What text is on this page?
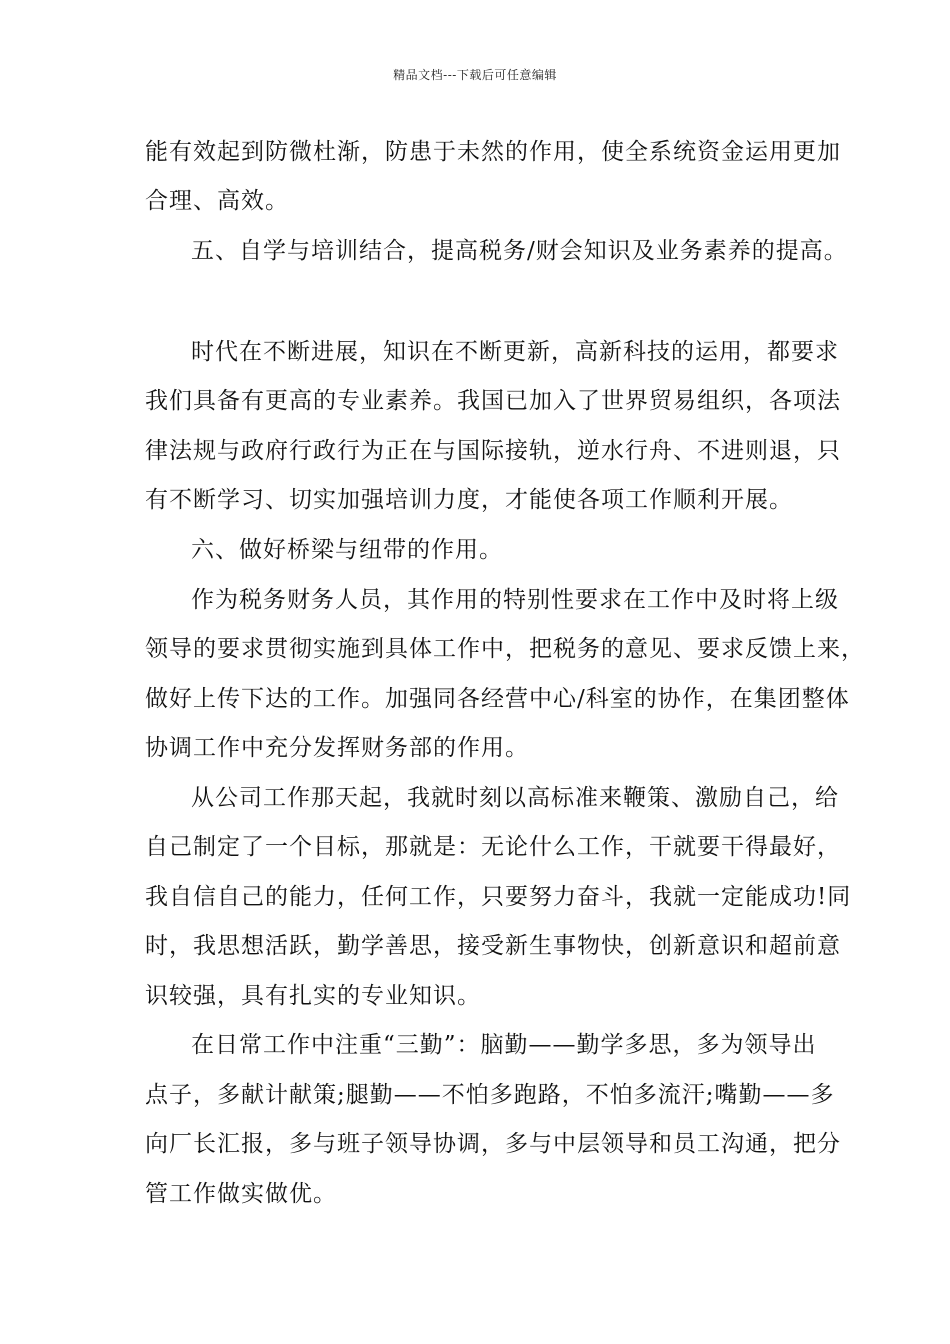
精品文档---下载后可任意编辑
能有效起到防微杜渐，防患于未然的作用，使全系统资金运用更加
合理、高效。
五、自学与培训结合，提高税务/财会知识及业务素养的提高。
时代在不断进展，知识在不断更新，高新科技的运用，都要求
我们具备有更高的专业素养。我国已加入了世界贸易组织，各项法
律法规与政府行政行为正在与国际接轨，逆水行舟、不进则退，只
有不断学习、切实加强培训力度，才能使各项工作顺利开展。
六、做好桥梁与纽带的作用。
作为税务财务人员，其作用的特别性要求在工作中及时将上级
领导的要求贯彻实施到具体工作中，把税务的意见、要求反馈上来，
做好上传下达的工作。加强同各经营中心/科室的协作，在集团整体
协调工作中充分发挥财务部的作用。
从公司工作那天起，我就时刻以高标准来鞭策、激励自己，给
自己制定了一个目标，那就是：无论什么工作，干就要干得最好，
我自信自己的能力，任何工作，只要努力奋斗，我就一定能成功!同
时，我思想活跃，勤学善思，接受新生事物快，创新意识和超前意
识较强，具有扎实的专业知识。
在日常工作中注重“三勤”：脑勤——勤学多思，多为领导出
点子，多献计献策;腿勤——不怕多跑路，不怕多流汗;嘴勤——多
向厂长汇报，多与班子领导协调，多与中层领导和员工沟通，把分
管工作做实做优。
